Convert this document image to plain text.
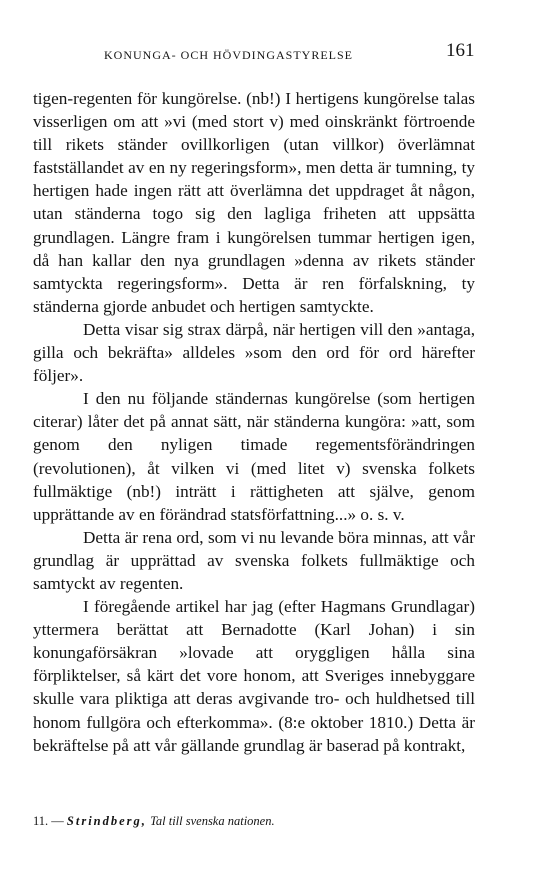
KONUNGA- OCH HÖVDINGASTYRELSE	161

tigen-regenten för kungörelse. (nb!) I hertigens kungörelse talas visserligen om att »vi (med stort v) med oinskränkt förtroende till rikets ständer ovillkorligen (utan villkor) överlämnat fastställandet av en ny regeringsform», men detta är tumning, ty hertigen hade ingen rätt att överlämna det uppdraget åt någon, utan ständerna togo sig den lagliga friheten att uppsätta grundlagen. Längre fram i kungörelsen tummar hertigen igen, då han kallar den nya grundlagen »denna av rikets ständer samtyckta regeringsform». Detta är ren förfalskning, ty ständerna gjorde anbudet och hertigen samtyckte.

Detta visar sig strax därpå, när hertigen vill den »antaga, gilla och bekräfta» alldeles »som den ord för ord härefter följer».

I den nu följande ständernas kungörelse (som hertigen citerar) låter det på annat sätt, när ständerna kungöra: »att, som genom den nyligen timade regementsförändringen (revolutionen), åt vilken vi (med litet v) svenska folkets fullmäktige (nb!) inträtt i rättigheten att själve, genom upprättande av en förändrad statsförfattning...» o. s. v.

Detta är rena ord, som vi nu levande böra minnas, att vår grundlag är upprättad av svenska folkets fullmäktige och samtyckt av regenten.

I föregående artikel har jag (efter Hagmans Grundlagar) yttermera berättat att Bernadotte (Karl Johan) i sin konungaförsäkran »lovade att oryggligen hålla sina förpliktelser, så kärt det vore honom, att Sveriges innebyggare skulle vara pliktiga att deras avgivande tro- och huldhetsed till honom fullgöra och efterkomma». (8:e oktober 1810.) Detta är bekräftelse på att vår gällande grundlag är baserad på kontrakt,

11. — Strindberg, Tal till svenska nationen.
